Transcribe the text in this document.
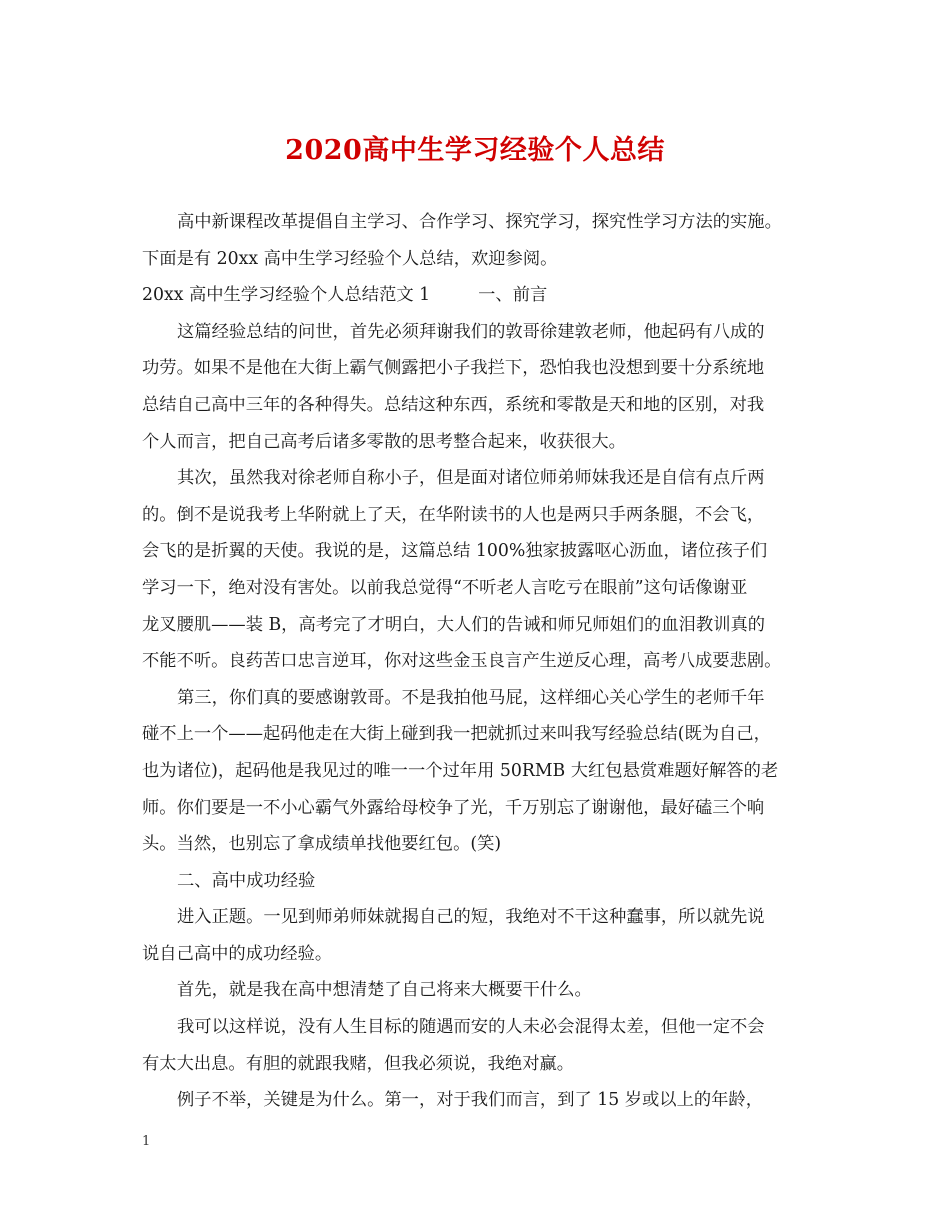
2020高中生学习经验个人总结
高中新课程改革提倡自主学习、合作学习、探究学习，探究性学习方法的实施。
下面是有 20xx 高中生学习经验个人总结，欢迎参阅。
20xx 高中生学习经验个人总结范文 1	一、前言
这篇经验总结的问世，首先必须拜谢我们的敦哥徐建敦老师，他起码有八成的
功劳。如果不是他在大街上霸气侧露把小子我拦下，恐怕我也没想到要十分系统地
总结自己高中三年的各种得失。总结这种东西，系统和零散是天和地的区别，对我
个人而言，把自己高考后诸多零散的思考整合起来，收获很大。
其次，虽然我对徐老师自称小子，但是面对诸位师弟师妹我还是自信有点斤两
的。倒不是说我考上华附就上了天，在华附读书的人也是两只手两条腿，不会飞，
会飞的是折翼的天使。我说的是，这篇总结 100%独家披露呕心沥血，诸位孩子们
学习一下，绝对没有害处。以前我总觉得“不听老人言吃亏在眼前”这句话像谢亚
龙叉腰肌——装 B，高考完了才明白，大人们的告诫和师兄师姐们的血泪教训真的
不能不听。良药苦口忠言逆耳，你对这些金玉良言产生逆反心理，高考八成要悲剧。
第三，你们真的要感谢敦哥。不是我拍他马屁，这样细心关心学生的老师千年
碰不上一个——起码他走在大街上碰到我一把就抓过来叫我写经验总结(既为自己，
也为诸位)，起码他是我见过的唯一一个过年用 50RMB 大红包悬赏难题好解答的老
师。你们要是一不小心霸气外露给母校争了光，千万别忘了谢谢他，最好磕三个响
头。当然，也别忘了拿成绩单找他要红包。(笑)
二、高中成功经验
进入正题。一见到师弟师妹就揭自己的短，我绝对不干这种蠢事，所以就先说
说自己高中的成功经验。
首先，就是我在高中想清楚了自己将来大概要干什么。
我可以这样说，没有人生目标的随遇而安的人未必会混得太差，但他一定不会
有太大出息。有胆的就跟我赌，但我必须说，我绝对赢。
例子不举，关键是为什么。第一，对于我们而言，到了 15 岁或以上的年龄，
1
